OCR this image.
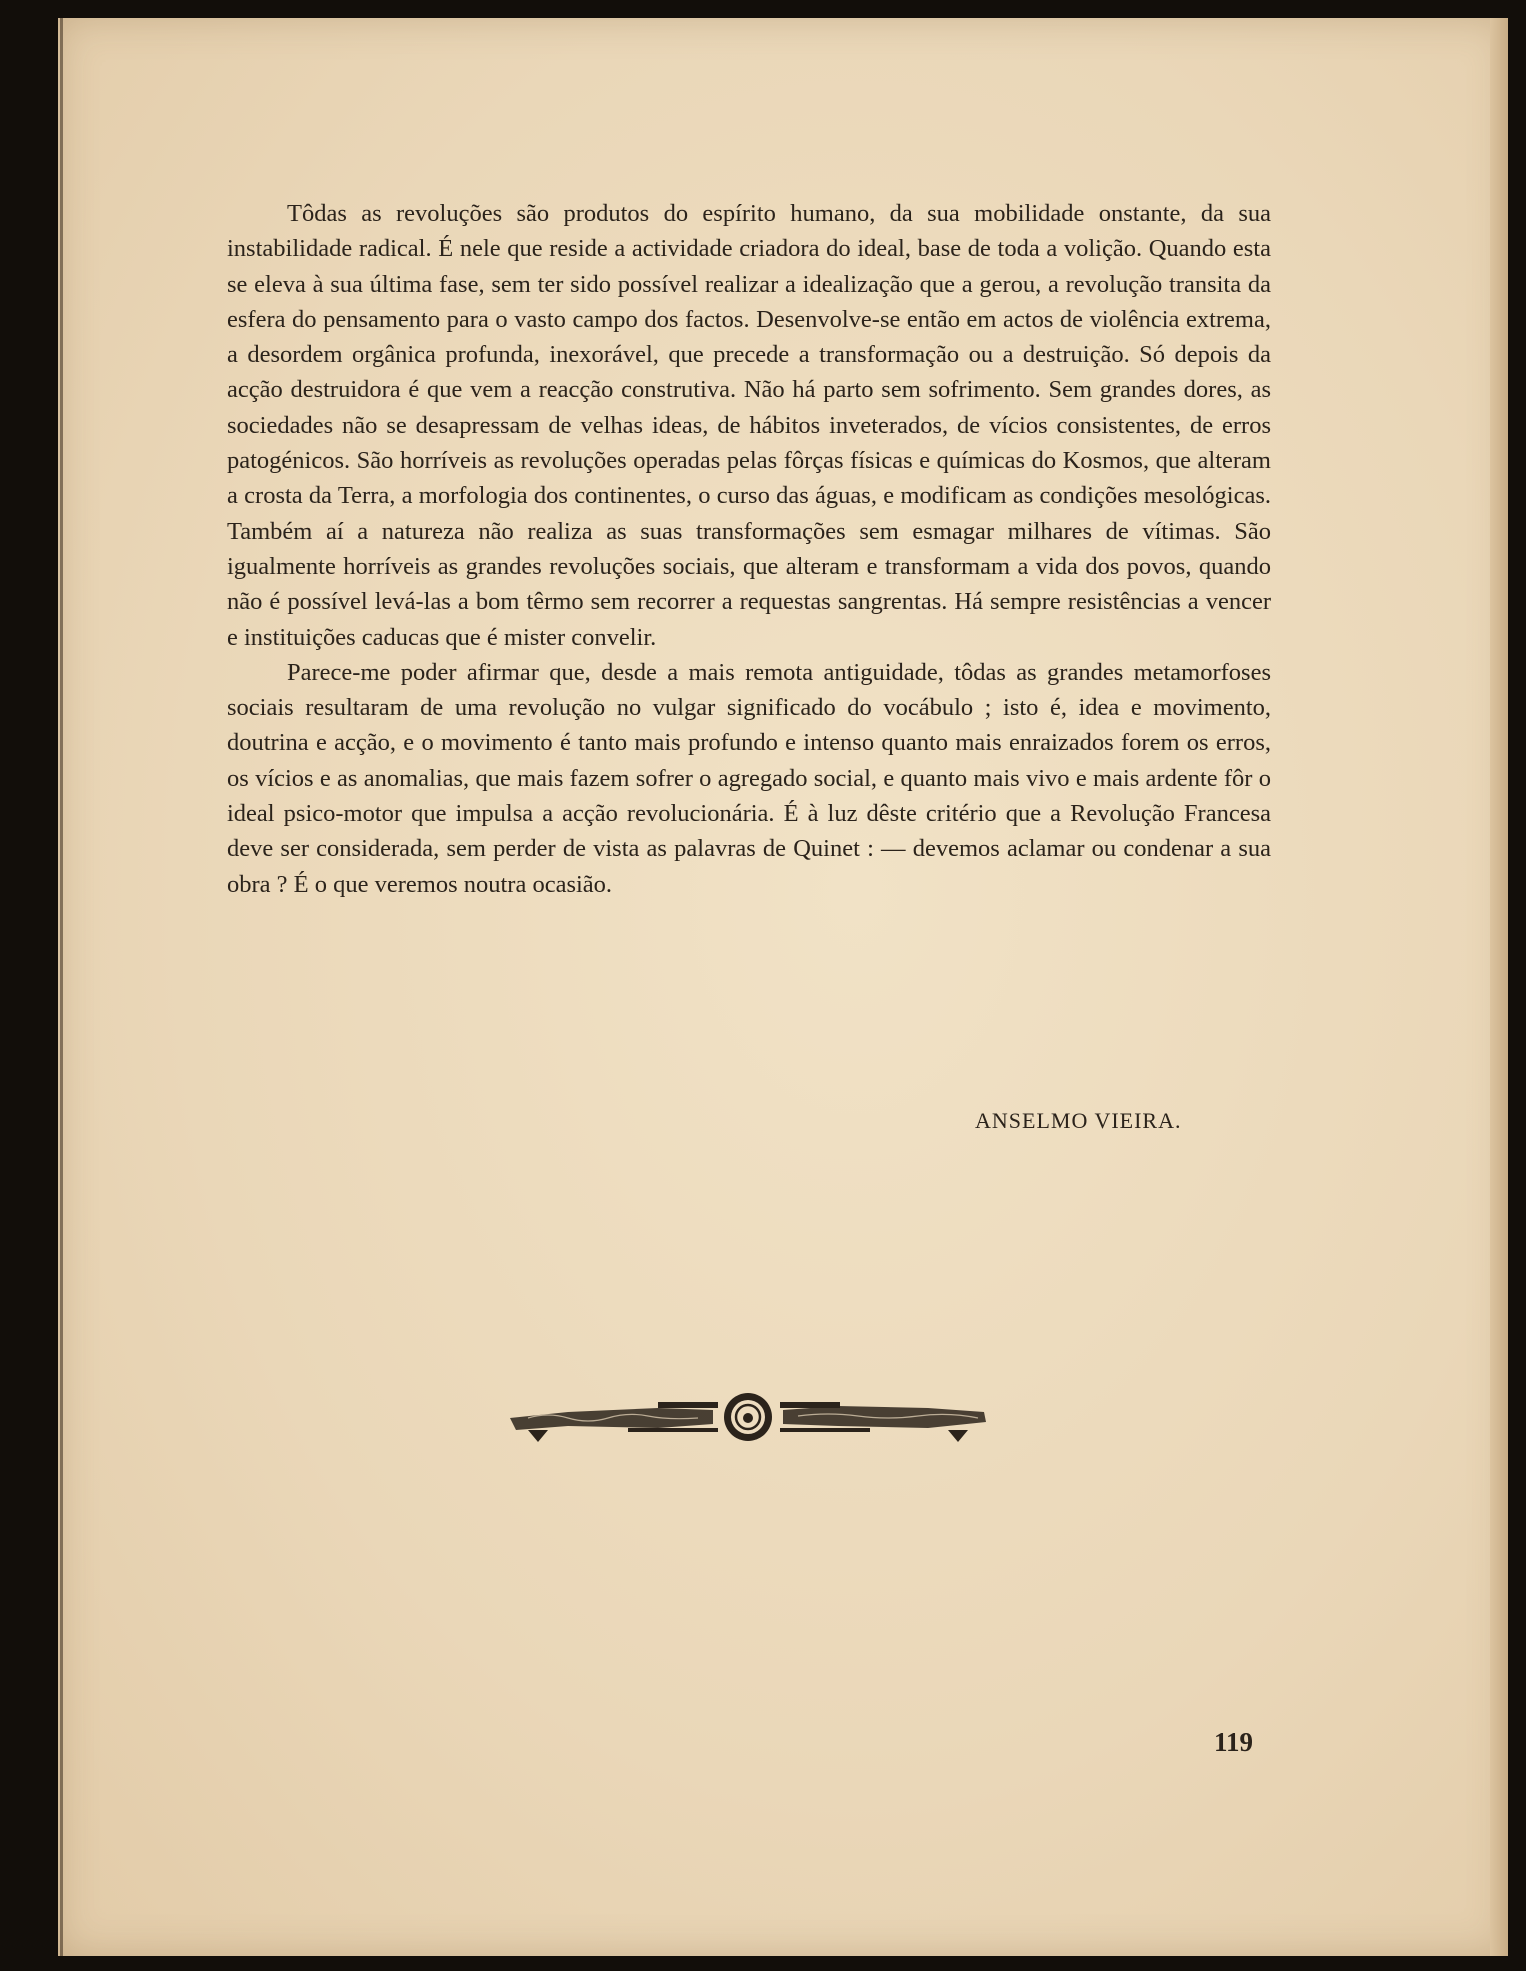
Tôdas as revoluções são produtos do espírito humano, da sua mobilidade onstante, da sua instabilidade radical. É nele que reside a actividade criadora do ideal, base de toda a volição. Quando esta se eleva à sua última fase, sem ter sido possível realizar a idealização que a gerou, a revolução transita da esfera do pensamento para o vasto campo dos factos. Desenvolve-se então em actos de violência extrema, a desordem orgânica profunda, inexorável, que precede a transformação ou a destruição. Só depois da acção destruidora é que vem a reacção construtiva. Não há parto sem sofrimento. Sem grandes dores, as sociedades não se desapressam de velhas ideas, de hábitos inveterados, de vícios consistentes, de erros patogénicos. São horríveis as revoluções operadas pelas fôrças físicas e químicas do Kosmos, que alteram a crosta da Terra, a morfologia dos continentes, o curso das águas, e modificam as condições mesológicas. Também aí a natureza não realiza as suas transformações sem esmagar milhares de vítimas. São igualmente horríveis as grandes revoluções sociais, que alteram e transformam a vida dos povos, quando não é possível levá-las a bom têrmo sem recorrer a requestas sangrentas. Há sempre resistências a vencer e instituições caducas que é mister convelir.

Parece-me poder afirmar que, desde a mais remota antiguidade, tôdas as grandes metamorfoses sociais resultaram de uma revolução no vulgar significado do vocábulo ; isto é, idea e movimento, doutrina e acção, e o movimento é tanto mais profundo e intenso quanto mais enraizados forem os erros, os vícios e as anomalias, que mais fazem sofrer o agregado social, e quanto mais vivo e mais ardente fôr o ideal psico-motor que impulsa a acção revolucionária. É à luz dêste critério que a Revolução Francesa deve ser considerada, sem perder de vista as palavras de Quinet : — devemos aclamar ou condenar a sua obra ? É o que veremos noutra ocasião.

ANSELMO VIEIRA.
119
